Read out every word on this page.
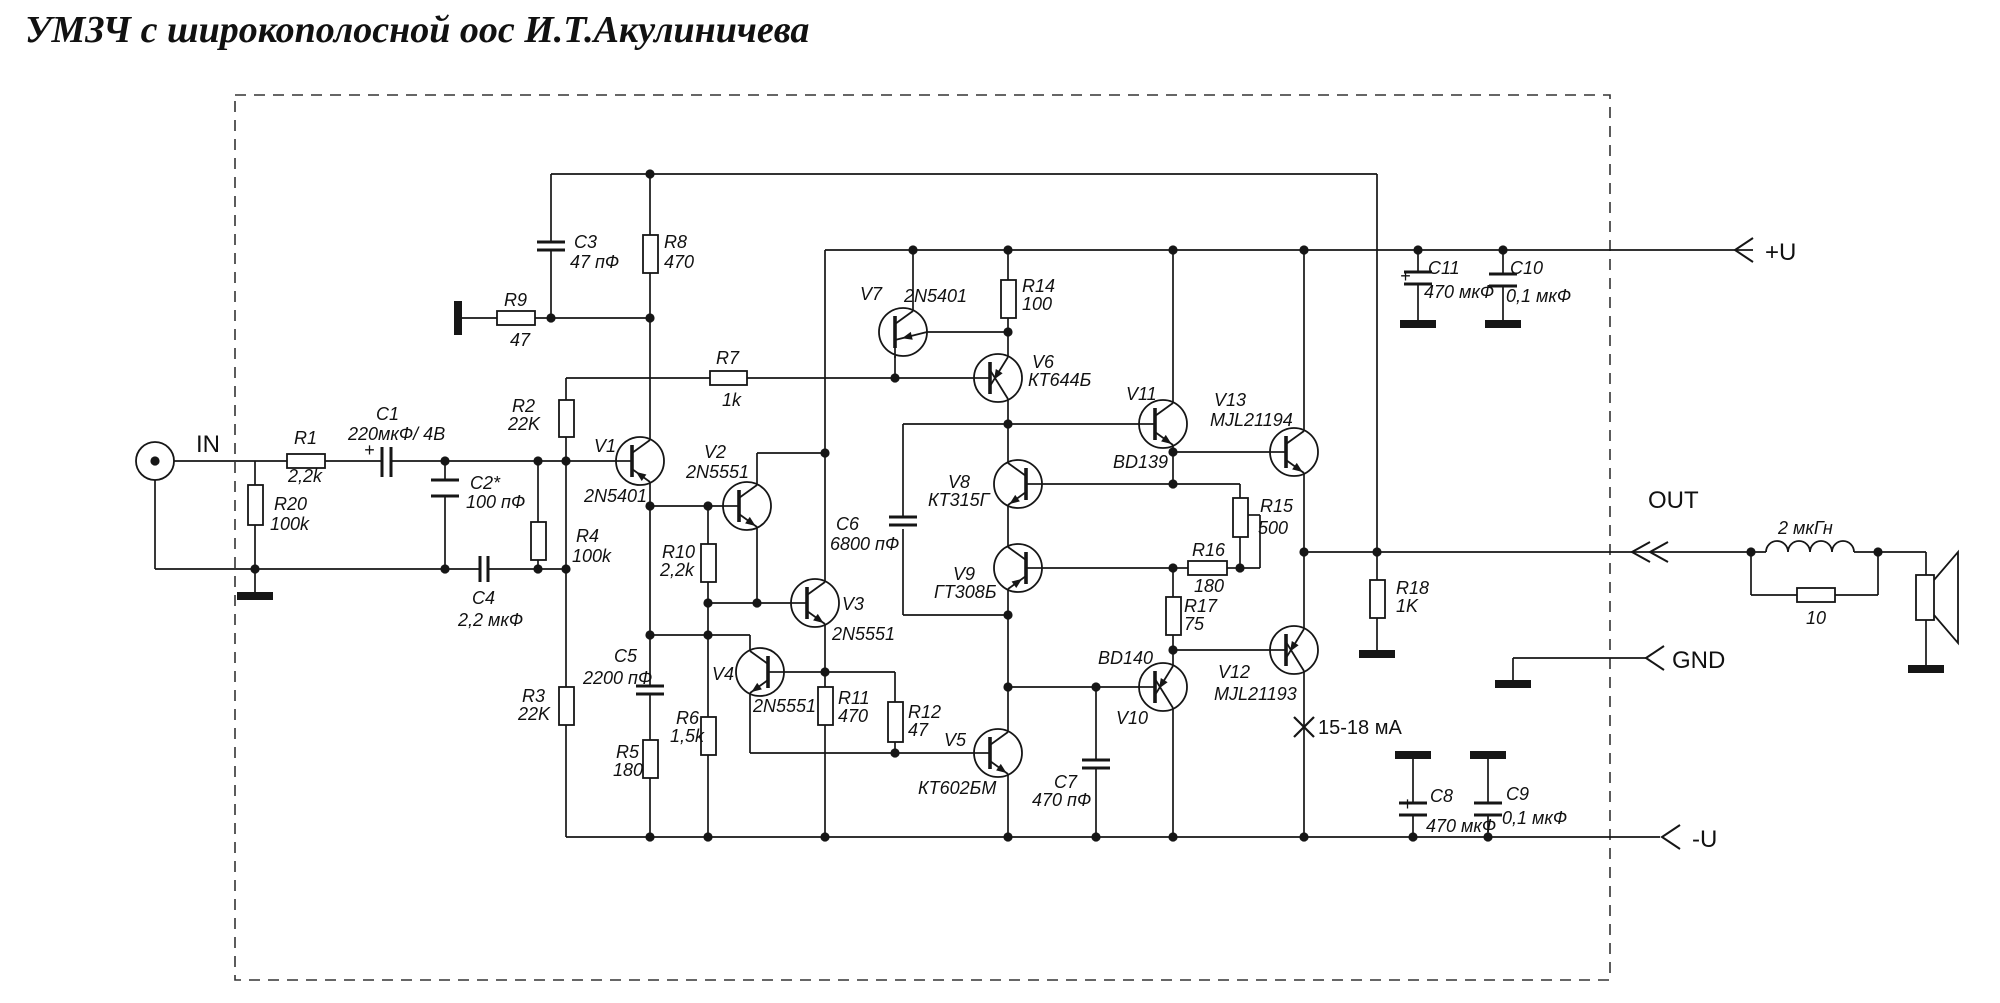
УМЗЧ с широкополосной оос И.Т.Акулиничева
IN
OUT
GND
+U
-U
15-18 мА
2 мкГн
10
R1
2,2k
R20
100k
C1
220мкФ/ 4В
+
C2*
100 пФ
C4
2,2 мкФ
R2
22K
R4
100k
R3
22K
C3
47 пФ
R8
470
R9
47
R7
1k
V1
2N5401
V2
2N5551
R10
2,2k
V3
2N5551
C5
2200 пФ
R5
180
R6
1,5k
V4
2N5551 R11
470 R12
47 V5
КТ602БМ
V7 2N5401	R14
100
V6
КТ644Б
C6
6800 пФ
V8
КТ315Г
V9
ГТ308Б
C7
470 пФ
V11
BD139
BD140
V10
R16
180
R17
75
R15
500
V12
MJL21193
V13
MJL21194
R18
1K
+ C11
470 мкФ
C10
0,1 мкФ
+ C8
470 мкФ
C9
0,1 мкФ
